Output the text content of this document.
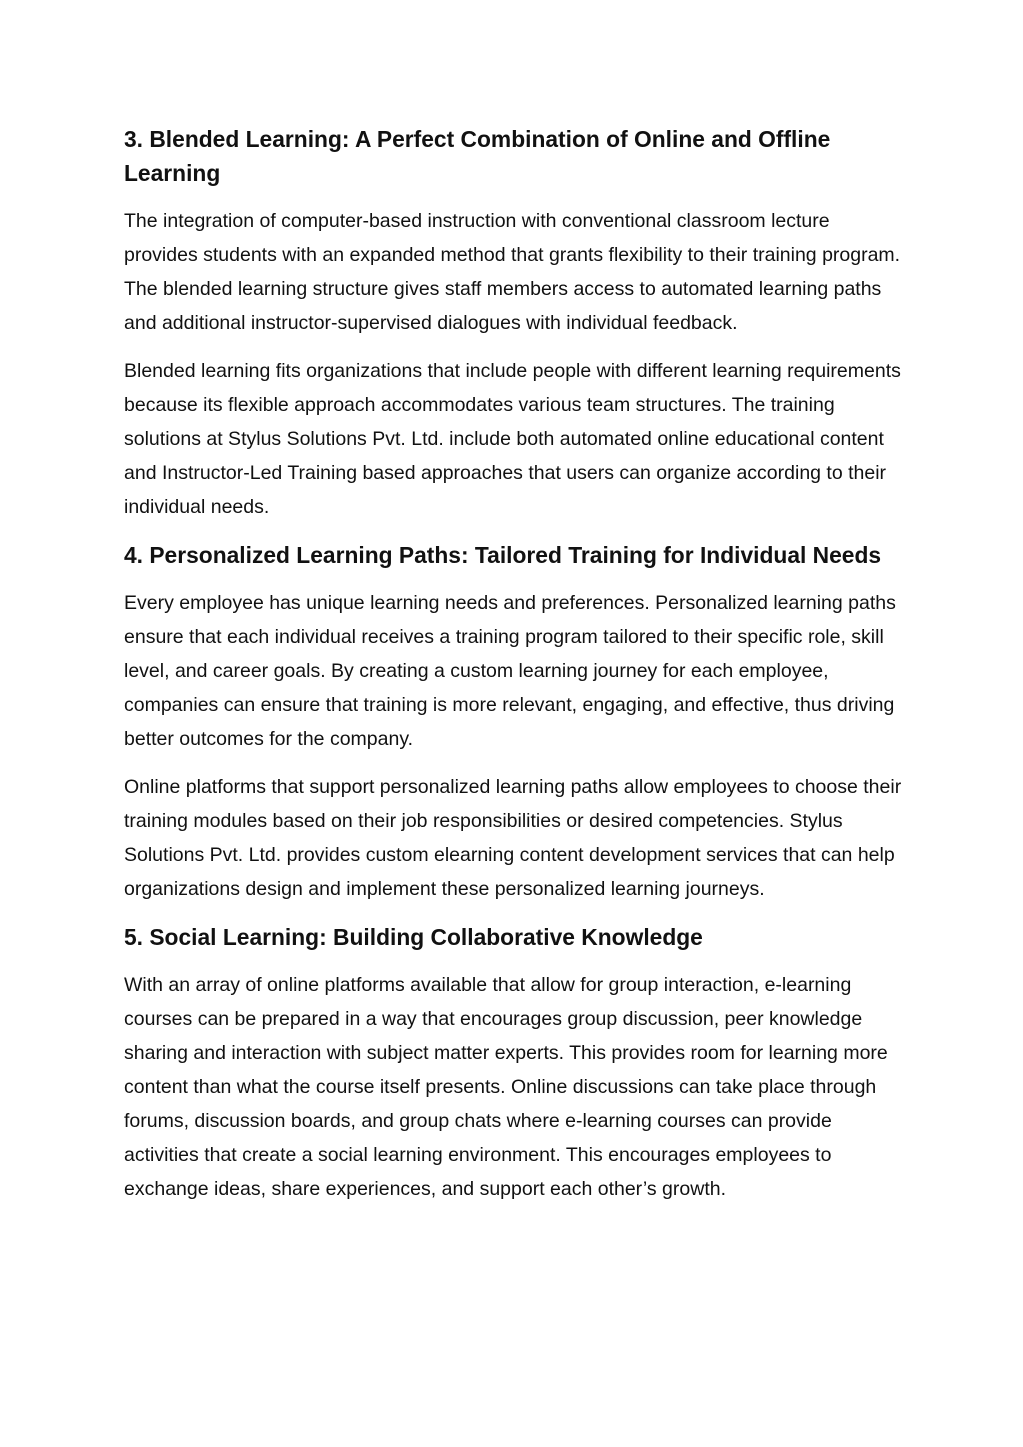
3. Blended Learning: A Perfect Combination of Online and Offline Learning

The integration of computer-based instruction with conventional classroom lecture provides students with an expanded method that grants flexibility to their training program. The blended learning structure gives staff members access to automated learning paths and additional instructor-supervised dialogues with individual feedback.

Blended learning fits organizations that include people with different learning requirements because its flexible approach accommodates various team structures. The training solutions at Stylus Solutions Pvt. Ltd. include both automated online educational content and Instructor-Led Training based approaches that users can organize according to their individual needs.

4. Personalized Learning Paths: Tailored Training for Individual Needs

Every employee has unique learning needs and preferences. Personalized learning paths ensure that each individual receives a training program tailored to their specific role, skill level, and career goals. By creating a custom learning journey for each employee, companies can ensure that training is more relevant, engaging, and effective, thus driving better outcomes for the company.

Online platforms that support personalized learning paths allow employees to choose their training modules based on their job responsibilities or desired competencies. Stylus Solutions Pvt. Ltd. provides custom elearning content development services that can help organizations design and implement these personalized learning journeys.

5. Social Learning: Building Collaborative Knowledge

With an array of online platforms available that allow for group interaction, e-learning courses can be prepared in a way that encourages group discussion, peer knowledge sharing and interaction with subject matter experts. This provides room for learning more content than what the course itself presents. Online discussions can take place through forums, discussion boards, and group chats where e-learning courses can provide activities that create a social learning environment. This encourages employees to exchange ideas, share experiences, and support each other’s growth.
